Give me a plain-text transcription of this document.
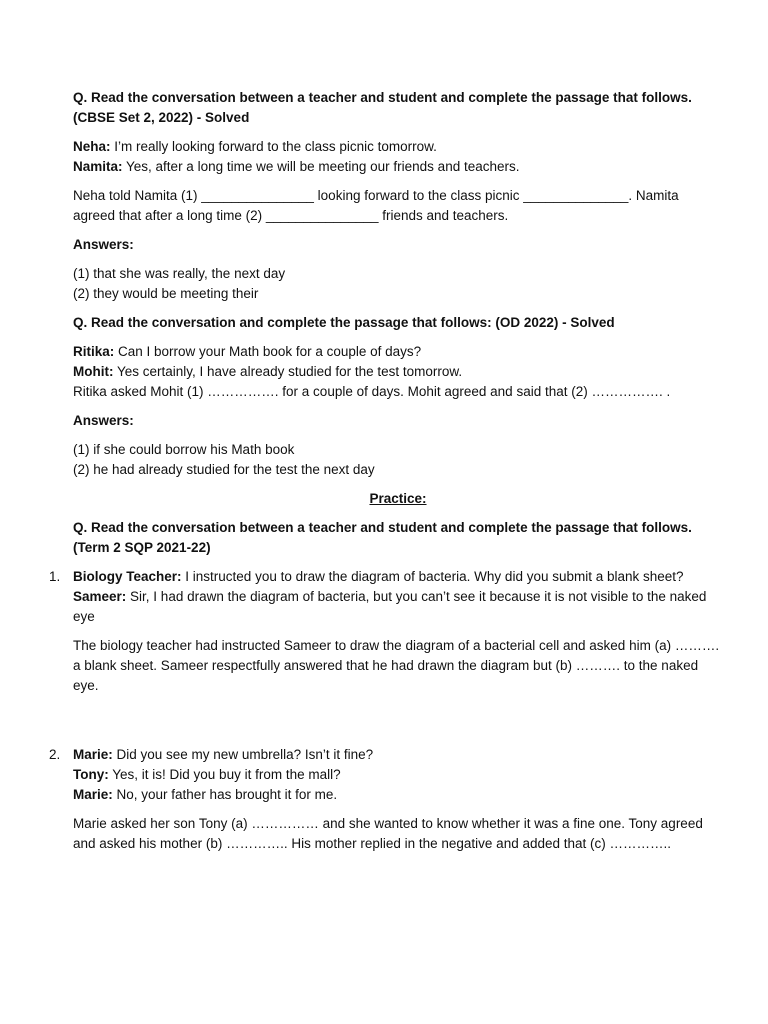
Q. Read the conversation between a teacher and student and complete the passage that follows.

(CBSE Set 2, 2022) - Solved

Neha: I’m really looking forward to the class picnic tomorrow.

Namita: Yes, after a long time we will be meeting our friends and teachers.

Neha told Namita (1) _______________ looking forward to the class picnic ______________. Namita agreed that after a long time (2) _______________ friends and teachers.

Answers:

(1) that she was really, the next day

(2) they would be meeting their

Q. Read the conversation and complete the passage that follows: (OD 2022) - Solved

Ritika: Can I borrow your Math book for a couple of days?

Mohit: Yes certainly, I have already studied for the test tomorrow.

Ritika asked Mohit (1) ……………. for a couple of days. Mohit agreed and said that (2) ……………. .

Answers:

(1) if she could borrow his Math book

(2) he had already studied for the test the next day

Practice:

Q. Read the conversation between a teacher and student and complete the passage that follows.

(Term 2 SQP 2021-22)

1. Biology Teacher: I instructed you to draw the diagram of bacteria. Why did you submit a blank sheet?

Sameer: Sir, I had drawn the diagram of bacteria, but you can’t see it because it is not visible to the naked eye

The biology teacher had instructed Sameer to draw the diagram of a bacterial cell and asked him (a) ………. a blank sheet. Sameer respectfully answered that he had drawn the diagram but (b) ………. to the naked eye.

2. Marie: Did you see my new umbrella? Isn’t it fine?

Tony: Yes, it is! Did you buy it from the mall?

Marie: No, your father has brought it for me.

Marie asked her son Tony (a) …………… and she wanted to know whether it was a fine one. Tony agreed and asked his mother (b) ………….. His mother replied in the negative and added that (c) …………..
